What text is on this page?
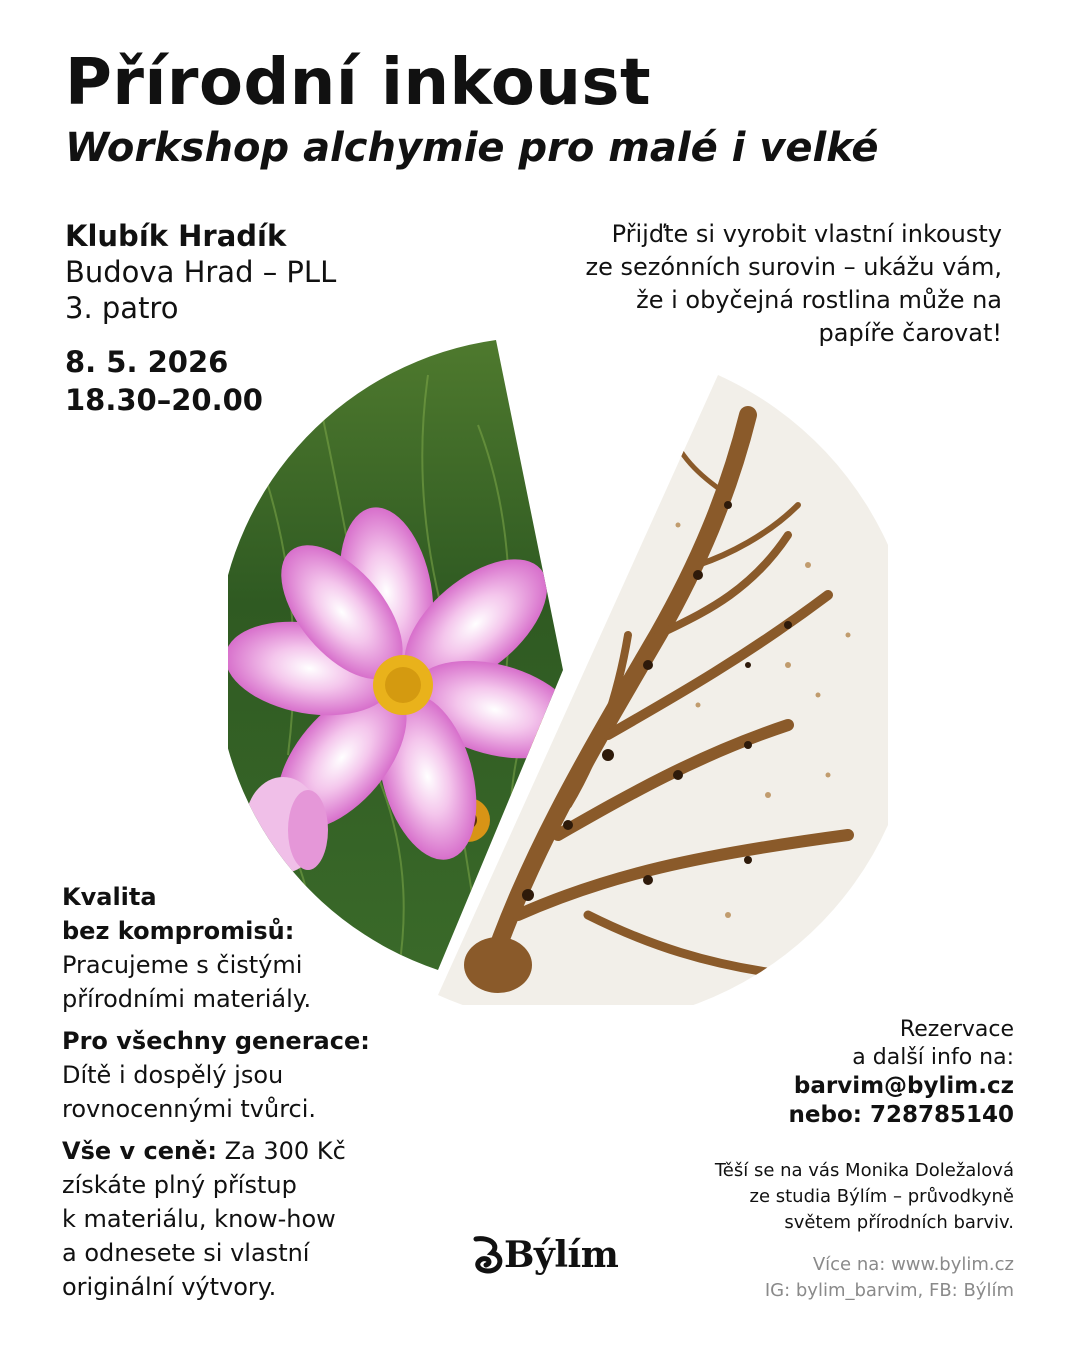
Přírodní inkoust
Workshop alchymie pro malé i velké
Klubík Hradík
Budova Hrad – PLL
3. patro
8. 5. 2026
18.30–20.00
Přijďte si vyrobit vlastní inkousty
ze sezónních surovin – ukážu vám,
že i obyčejná rostlina může na
papíře čarovat!
Kvalita
bez kompromisů:
Pracujeme s čistými
přírodními materiály.
Pro všechny generace:
Dítě i dospělý jsou
rovnocennými tvůrci.
Vše v ceně: Za 300 Kč
získáte plný přístup
k materiálu, know-how
a odnesete si vlastní
originální výtvory.
Rezervace
a další info na:
barvim@bylim.cz
nebo: 728785140
Těší se na vás Monika Doležalová
ze studia Býlím – průvodkyně
světem přírodních barviv.
Býlím	Více na: www.bylim.cz
IG: bylim_barvim, FB: Býlím
